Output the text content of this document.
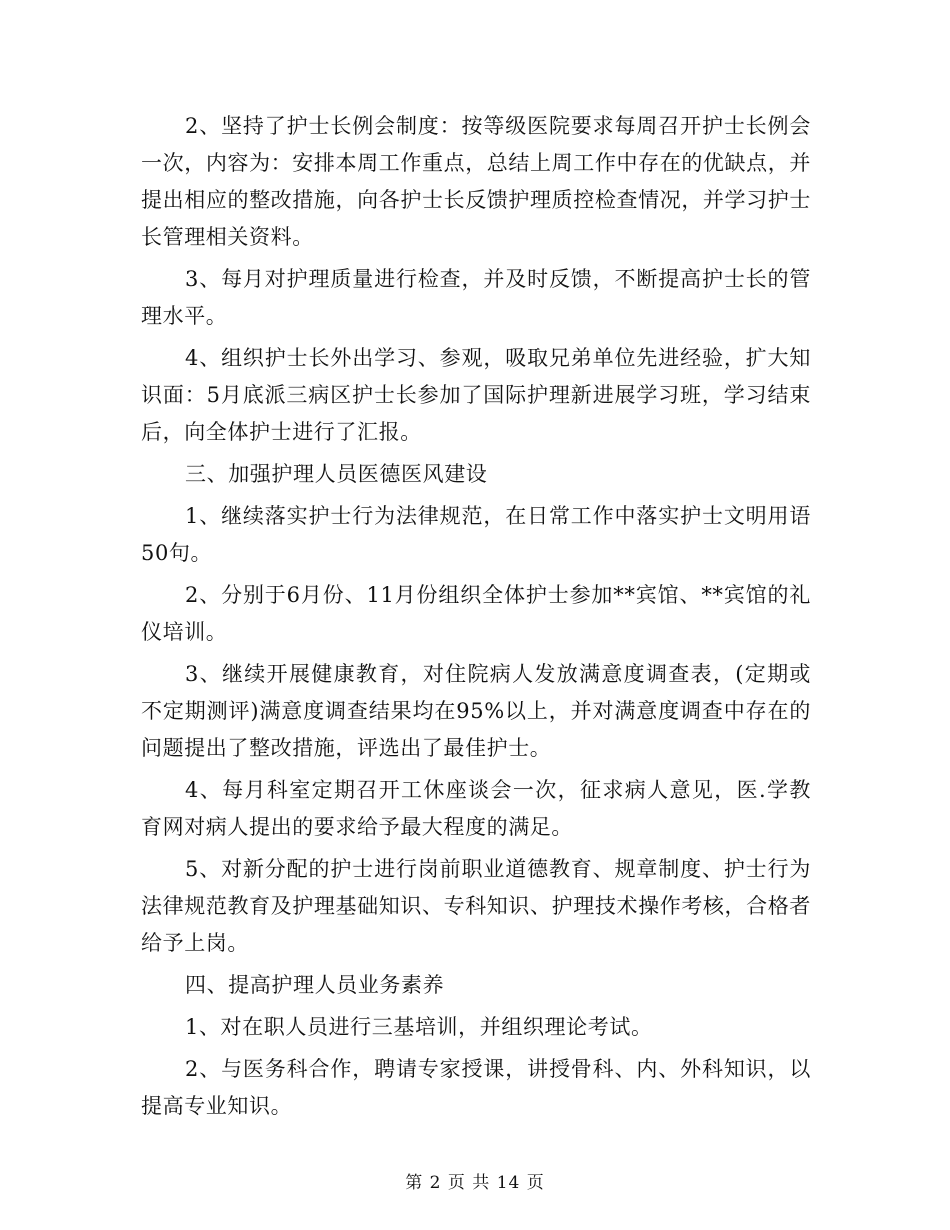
2、坚持了护士长例会制度：按等级医院要求每周召开护士长例会一次，内容为：安排本周工作重点，总结上周工作中存在的优缺点，并提出相应的整改措施，向各护士长反馈护理质控检查情况，并学习护士长管理相关资料。

3、每月对护理质量进行检查，并及时反馈，不断提高护士长的管理水平。

4、组织护士长外出学习、参观，吸取兄弟单位先进经验，扩大知识面：5月底派三病区护士长参加了国际护理新进展学习班，学习结束后，向全体护士进行了汇报。

三、加强护理人员医德医风建设

1、继续落实护士行为法律规范，在日常工作中落实护士文明用语50句。

2、分别于6月份、11月份组织全体护士参加**宾馆、**宾馆的礼仪培训。

3、继续开展健康教育，对住院病人发放满意度调查表，(定期或不定期测评)满意度调查结果均在95%以上，并对满意度调查中存在的问题提出了整改措施，评选出了最佳护士。

4、每月科室定期召开工休座谈会一次，征求病人意见，医.学教育网对病人提出的要求给予最大程度的满足。

5、对新分配的护士进行岗前职业道德教育、规章制度、护士行为法律规范教育及护理基础知识、专科知识、护理技术操作考核，合格者给予上岗。

四、提高护理人员业务素养

1、对在职人员进行三基培训，并组织理论考试。

2、与医务科合作，聘请专家授课，讲授骨科、内、外科知识，以提高专业知识。

第 2 页 共 14 页
